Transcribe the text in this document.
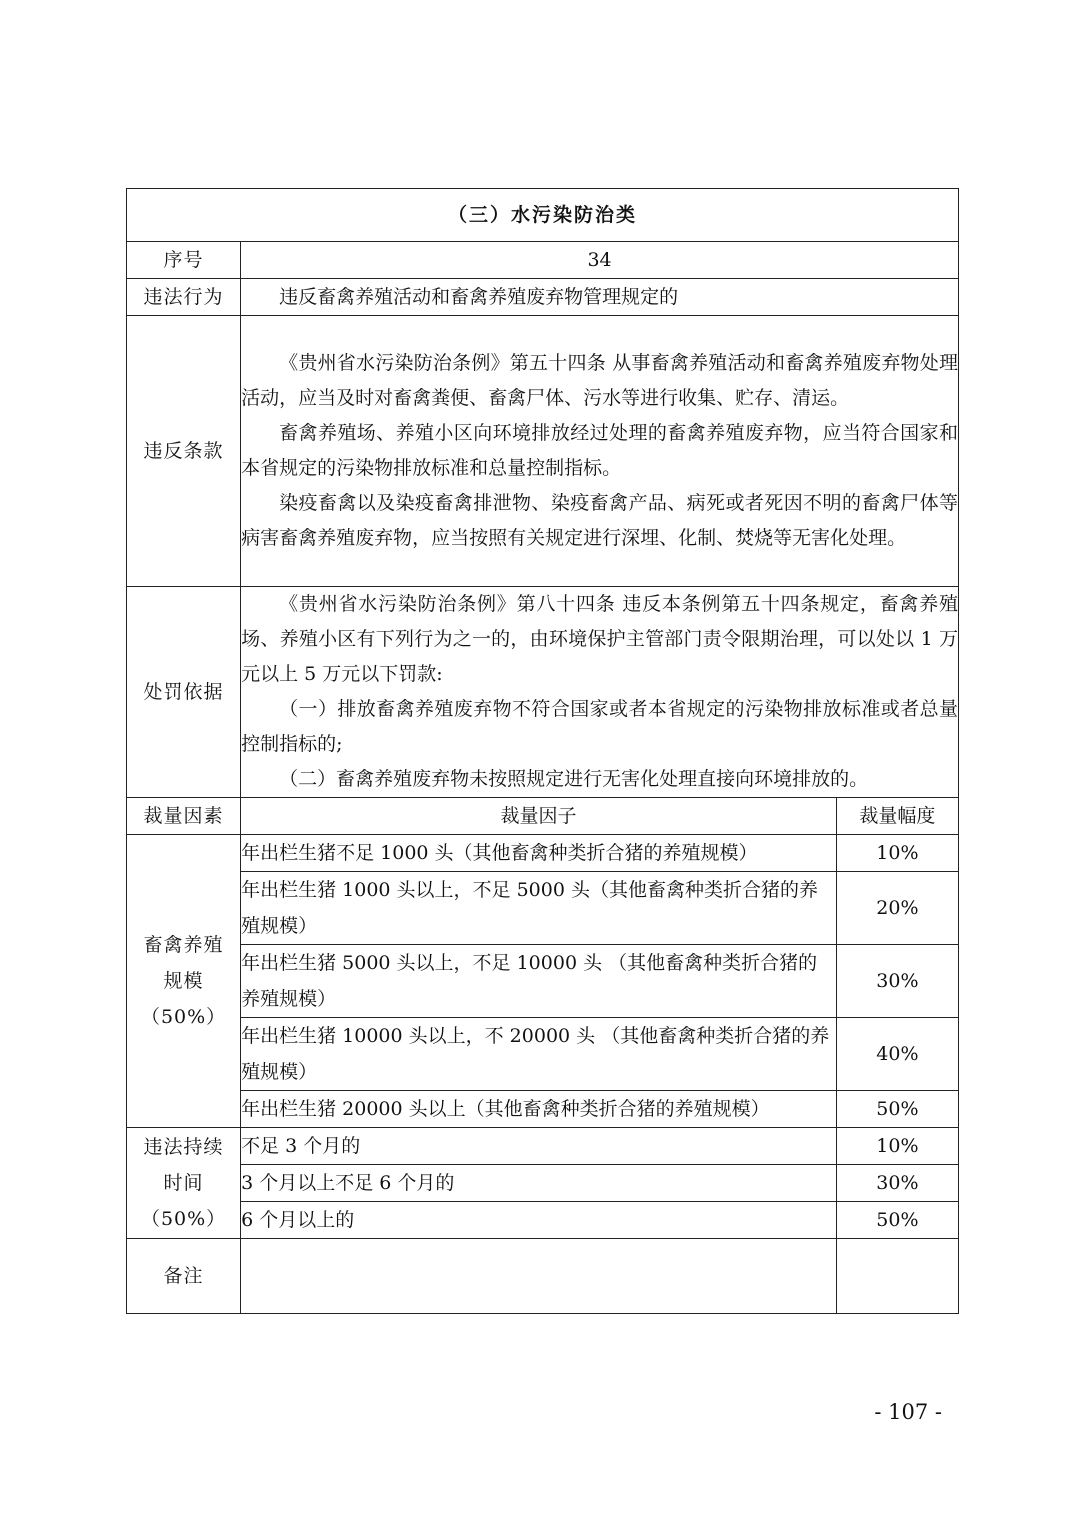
（三）水污染防治类		
序号	34	
违法行为	违反畜禽养殖活动和畜禽养殖废弃物管理规定的	

违反条款	《贵州省水污染防治条例》第五十四条 从事畜禽养殖活动和畜禽养殖废弃物处理活动，应当及时对畜禽粪便、畜禽尸体、污水等进行收集、贮存、清运。

畜禽养殖场、养殖小区向环境排放经过处理的畜禽养殖废弃物，应当符合国家和本省规定的污染物排放标准和总量控制指标。

染疫畜禽以及染疫畜禽排泄物、染疫畜禽产品、病死或者死因不明的畜禽尸体等病害畜禽养殖废弃物，应当按照有关规定进行深埋、化制、焚烧等无害化处理。	

处罚依据	《贵州省水污染防治条例》第八十四条 违反本条例第五十四条规定，畜禽养殖场、养殖小区有下列行为之一的，由环境保护主管部门责令限期治理，可以处以 1 万元以上 5 万元以下罚款:

（一）排放畜禽养殖废弃物不符合国家或者本省规定的污染物排放标准或者总量控制指标的;

（二）畜禽养殖废弃物未按照规定进行无害化处理直接向环境排放的。	

裁量因素	裁量因子	裁量幅度

畜禽养殖
规模
（50%）	年出栏生猪不足 1000 头（其他畜禽种类折合猪的养殖规模）	10%
	年出栏生猪 1000 头以上，不足 5000 头（其他畜禽种类折合猪的养殖规模）	20%
	年出栏生猪 5000 头以上，不足 10000 头 （其他畜禽种类折合猪的养殖规模）	30%
	年出栏生猪 10000 头以上，不 20000 头 （其他畜禽种类折合猪的养殖规模）	40%
	年出栏生猪 20000 头以上（其他畜禽种类折合猪的养殖规模）	50%

违法持续
时间
（50%）	不足 3 个月的	10%
	3 个月以上不足 6 个月的	30%
	6 个月以上的	50%
备注		
- 107 -
